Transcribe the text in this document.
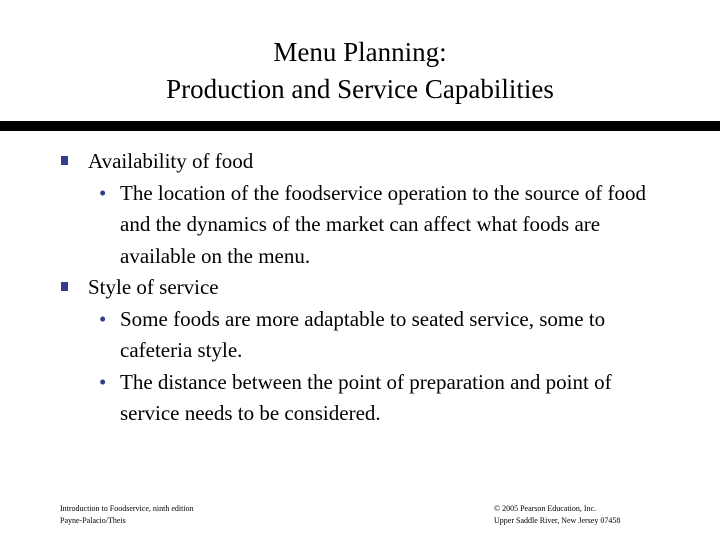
Menu Planning:
Production and Service Capabilities
Availability of food
• The location of the foodservice operation to the source of food and the dynamics of the market can affect what foods are available on the menu.
Style of service
• Some foods are more adaptable to seated service, some to cafeteria style.
• The distance between the point of preparation and point of service needs to be considered.
Introduction to Foodservice, ninth edition
Payne-Palacio/Theis
© 2005 Pearson Education, Inc.
Upper Saddle River, New Jersey 07458
